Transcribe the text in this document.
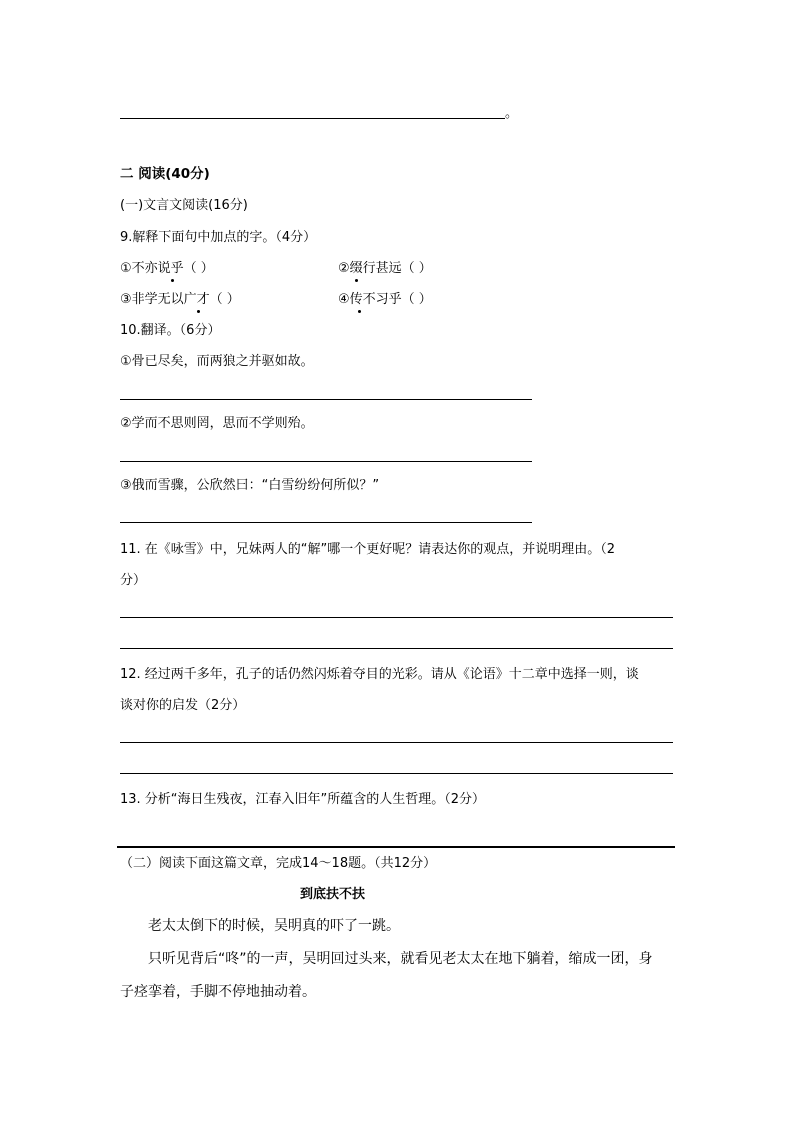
。
二 阅读(40分)
(一)文言文阅读(16分)
9.解释下面句中加点的字。（4分）
①不亦说乎（ ）	②缀行甚远（ ）
③非学无以广才（ ）	④传不习乎（ ）
10.翻译。（6分）
①骨已尽矣，而两狼之并驱如故。
②学而不思则罔，思而不学则殆。
③俄而雪骤，公欣然曰：“白雪纷纷何所似？”
11. 在《咏雪》中，兄妹两人的“解”哪一个更好呢？请表达你的观点，并说明理由。（2
分）
12. 经过两千多年，孔子的话仍然闪烁着夺目的光彩。请从《论语》十二章中选择一则，谈
谈对你的启发（2分）
13. 分析“海日生残夜，江春入旧年”所蕴含的人生哲理。（2分）
（二）阅读下面这篇文章，完成14～18题。（共12分）
到底扶不扶
老太太倒下的时候，吴明真的吓了一跳。
只听见背后“咚”的一声，吴明回过头来，就看见老太太在地下躺着，缩成一团，身
子痉挛着，手脚不停地抽动着。
